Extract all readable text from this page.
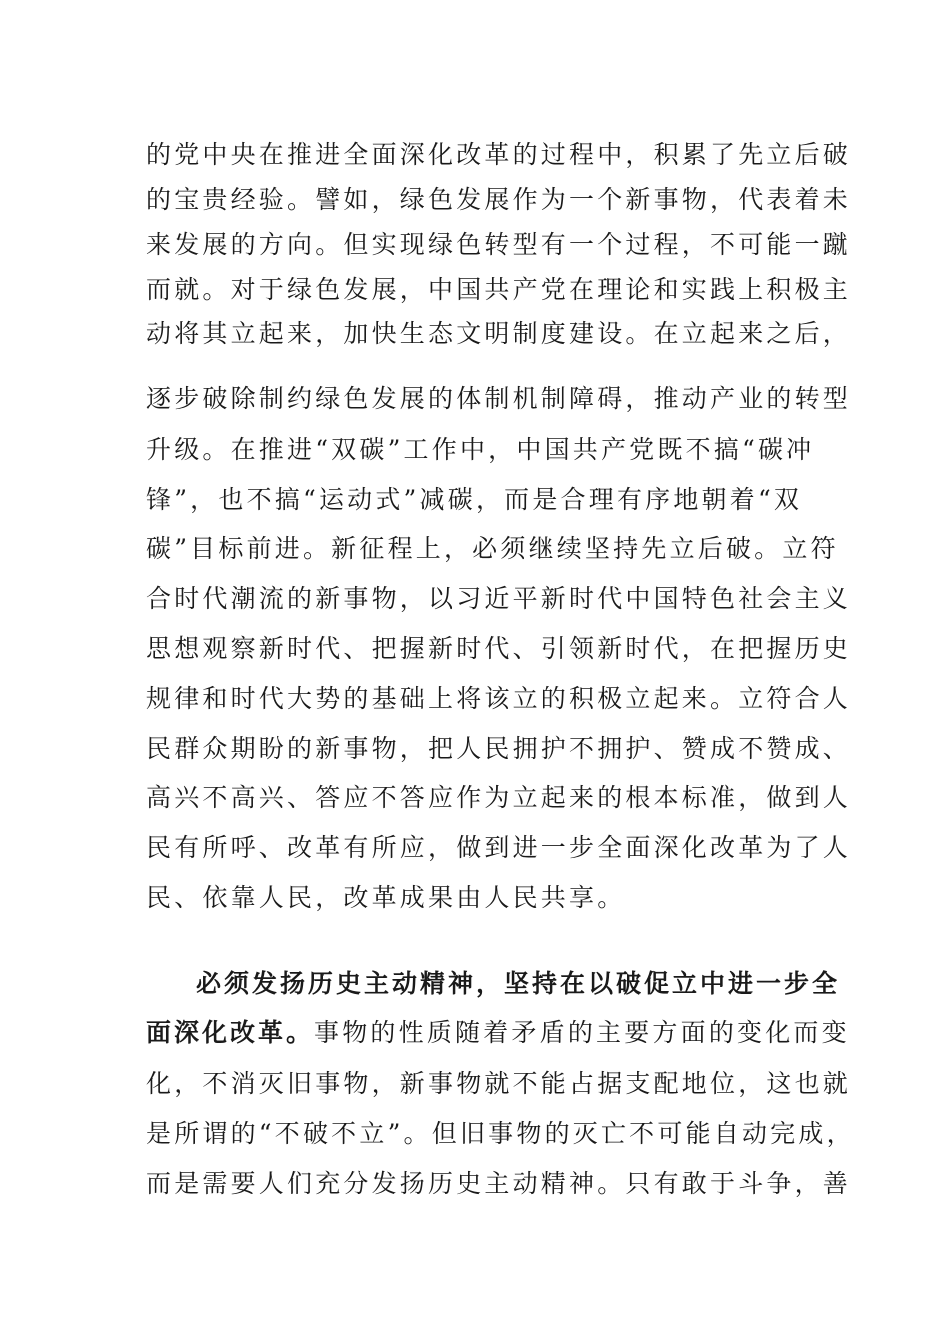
的党中央在推进全面深化改革的过程中，积累了先立后破
的宝贵经验。譬如，绿色发展作为一个新事物，代表着未
来发展的方向。但实现绿色转型有一个过程，不可能一蹴
而就。对于绿色发展，中国共产党在理论和实践上积极主
动将其立起来，加快生态文明制度建设。在立起来之后，
逐步破除制约绿色发展的体制机制障碍，推动产业的转型
升级。在推进“双碳”工作中，中国共产党既不搞“碳冲
锋”，也不搞“运动式”减碳，而是合理有序地朝着“双
碳”目标前进。新征程上，必须继续坚持先立后破。立符
合时代潮流的新事物，以习近平新时代中国特色社会主义
思想观察新时代、把握新时代、引领新时代，在把握历史
规律和时代大势的基础上将该立的积极立起来。立符合人
民群众期盼的新事物，把人民拥护不拥护、赞成不赞成、
高兴不高兴、答应不答应作为立起来的根本标准，做到人
民有所呼、改革有所应，做到进一步全面深化改革为了人
民、依靠人民，改革成果由人民共享。
必须发扬历史主动精神，坚持在以破促立中进一步全
面深化改革。事物的性质随着矛盾的主要方面的变化而变
化，不消灭旧事物，新事物就不能占据支配地位，这也就
是所谓的“不破不立”。但旧事物的灭亡不可能自动完成，
而是需要人们充分发扬历史主动精神。只有敢于斗争，善
